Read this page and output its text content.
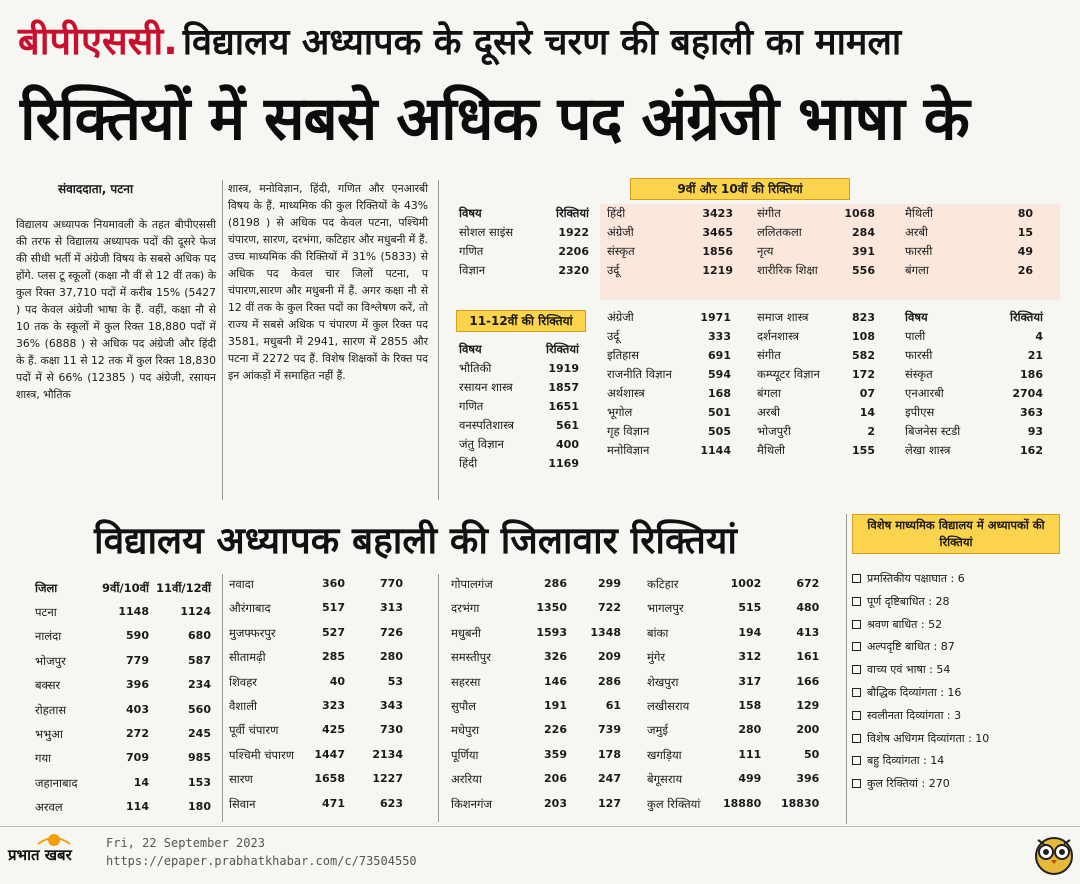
बीपीएससी. विद्यालय अध्यापक के दूसरे चरण की बहाली का मामला
रिक्तियों में सबसे अधिक पद अंग्रेजी भाषा के
संवाददाता, पटना
विद्यालय अध्यापक नियमावली के तहत बीपीएससी की तरफ से विद्यालय अध्यापक पदों की दूसरे फेज की सीधी भर्ती में अंग्रेजी विषय के सबसे अधिक पद होंगे. प्लस टू स्कूलों (कक्षा नौ वीं से 12 वीं तक) के कुल रिक्त 37,710 पदों में करीब 15% (5427 ) पद केवल अंग्रेजी भाषा के हैं. वहीं, कक्षा नौ से 10 तक के स्कूलों में कुल रिक्त 18,880 पदों में 36% (6888 ) से अधिक पद अंग्रेजी और हिंदी के हैं. कक्षा 11 से 12 तक में कुल रिक्त 18,830 पदों में से 66% (12385 ) पद अंग्रेजी, रसायन शास्त्र, भौतिक
शास्त्र, मनोविज्ञान, हिंदी, गणित और एनआरबी विषय के हैं. माध्यमिक की कुल रिक्तियों के 43% (8198 ) से अधिक पद केवल पटना, पश्चिमी चंपारण, सारण, दरभंगा, कटिहार और मधुबनी में हैं. उच्च माध्यमिक की रिक्तियों में 31% (5833) से अधिक पद केवल चार जिलों पटना, प चंपारण,सारण और मधुबनी में हैं. अगर कक्षा नौ से 12 वीं तक के कुल रिक्त पदों का विश्लेषण करें, तो राज्य में सबसे अधिक प चंपारण में कुल रिक्त पद 3581, मधुबनी में 2941, सारण में 2855 और पटना में 2272 पद हैं. विशेष शिक्षकों के रिक्त पद इन आंकड़ों में समाहित नहीं हैं.
9वीं और 10वीं की रिक्तियां
विषय	रिक्तियां
सोशल साइंस	1922
गणित	2206
विज्ञान	2320
हिंदी	3423
अंग्रेजी	3465
संस्कृत	1856
उर्दू	1219
संगीत	1068
ललितकला	284
नृत्य	391
शारीरिक शिक्षा	556
मैथिली	80
अरबी	15
फारसी	49
बंगला	26
11-12वीं की रिक्तियां
विषय	रिक्तियां
भौतिकी	1919
रसायन शास्त्र	1857
गणित	1651
वनस्पतिशास्त्र	561
जंतु विज्ञान	400
हिंदी	1169
अंग्रेजी	1971
उर्दू	333
इतिहास	691
राजनीति विज्ञान	594
अर्थशास्त्र	168
भूगोल	501
गृह विज्ञान	505
मनोविज्ञान	1144
समाज शास्त्र	823
दर्शनशास्त्र	108
संगीत	582
कम्प्यूटर विज्ञान	172
बंगला	07
अरबी	14
भोजपुरी	2
मैथिली	155
विषय	रिक्तियां
पाली	4
फारसी	21
संस्कृत	186
एनआरबी	2704
इपीएस	363
बिजनेस स्टडी	93
लेखा शास्त्र	162
विद्यालय अध्यापक बहाली की जिलावार रिक्तियां
जिला	9वीं/10वीं	11वीं/12वीं
पटना	1148	1124
नालंदा	590	680
भोजपुर	779	587
बक्सर	396	234
रोहतास	403	560
भभुआ	272	245
गया	709	985
जहानाबाद	14	153
अरवल	114	180
नवादा	360	770
औरंगाबाद	517	313
मुजफ्फरपुर	527	726
सीतामढ़ी	285	280
शिवहर	40	53
वैशाली	323	343
पूर्वी चंपारण	425	730
पश्चिमी चंपारण	1447	2134
सारण	1658	1227
सिवान	471	623
गोपालगंज	286	299
दरभंगा	1350	722
मधुबनी	1593	1348
समस्तीपुर	326	209
सहरसा	146	286
सुपौल	191	61
मधेपुरा	226	739
पूर्णिया	359	178
अररिया	206	247
किशनगंज	203	127
कटिहार	1002	672
भागलपुर	515	480
बांका	194	413
मुंगेर	312	161
शेखपुरा	317	166
लखीसराय	158	129
जमुई	280	200
खगड़िया	111	50
बेगूसराय	499	396
कुल रिक्तियां	18880	18830
विशेष माध्यमिक विद्यालय में अध्यापकों की रिक्तियां
प्रमस्तिकीय पक्षाघात : 6
पूर्ण दृष्टिबाधित : 28
श्रवण बाधित : 52
अल्पदृष्टि बाधित : 87
वाच्य एवं भाषा : 54
बौद्धिक दिव्यांगता : 16
स्वलीनता दिव्यांगता : 3
विशेष अधिगम दिव्यांगता : 10
बहु दिव्यांगता : 14
कुल रिक्तियां : 270
प्रभात खबर
Fri, 22 September 2023
https://epaper.prabhatkhabar.com/c/73504550
